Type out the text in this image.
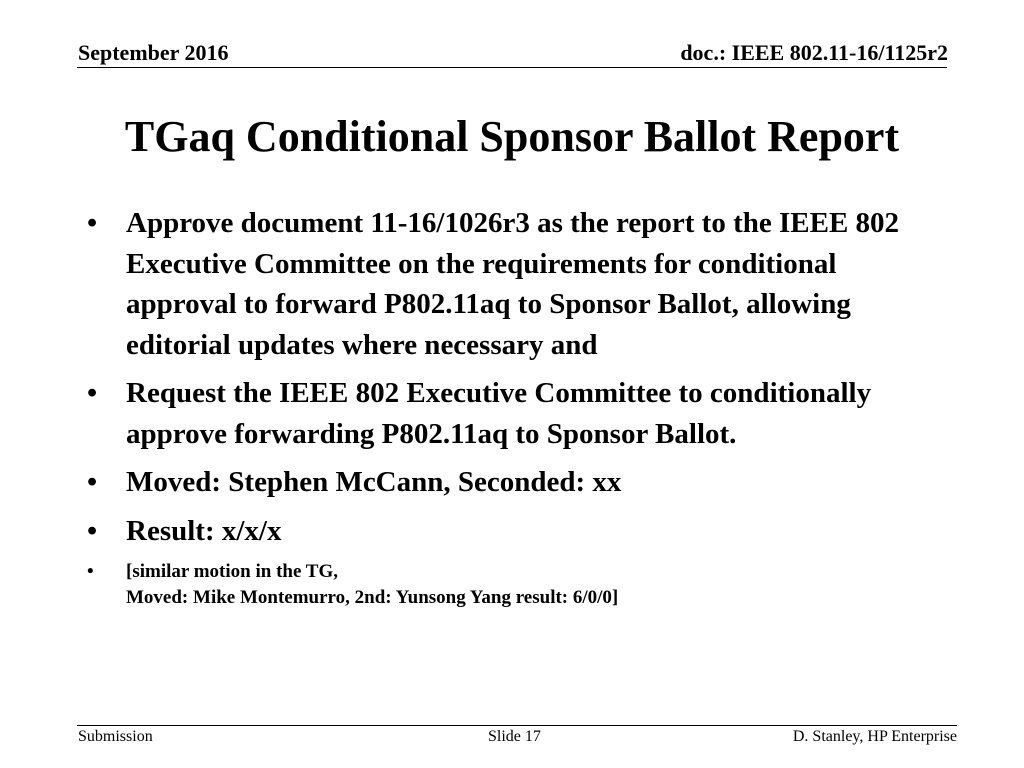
September 2016	doc.: IEEE 802.11-16/1125r2
TGaq Conditional Sponsor Ballot Report
• Approve document 11-16/1026r3 as the report to the IEEE 802 Executive Committee on the requirements for conditional approval to forward P802.11aq to Sponsor Ballot, allowing editorial updates where necessary and
• Request the IEEE 802 Executive Committee to conditionally approve forwarding P802.11aq to Sponsor Ballot.
• Moved: Stephen McCann, Seconded: xx
• Result: x/x/x
• [similar motion in the TG,
Moved: Mike Montemurro, 2nd: Yunsong Yang result: 6/0/0]
Submission	Slide 17	D. Stanley, HP Enterprise
